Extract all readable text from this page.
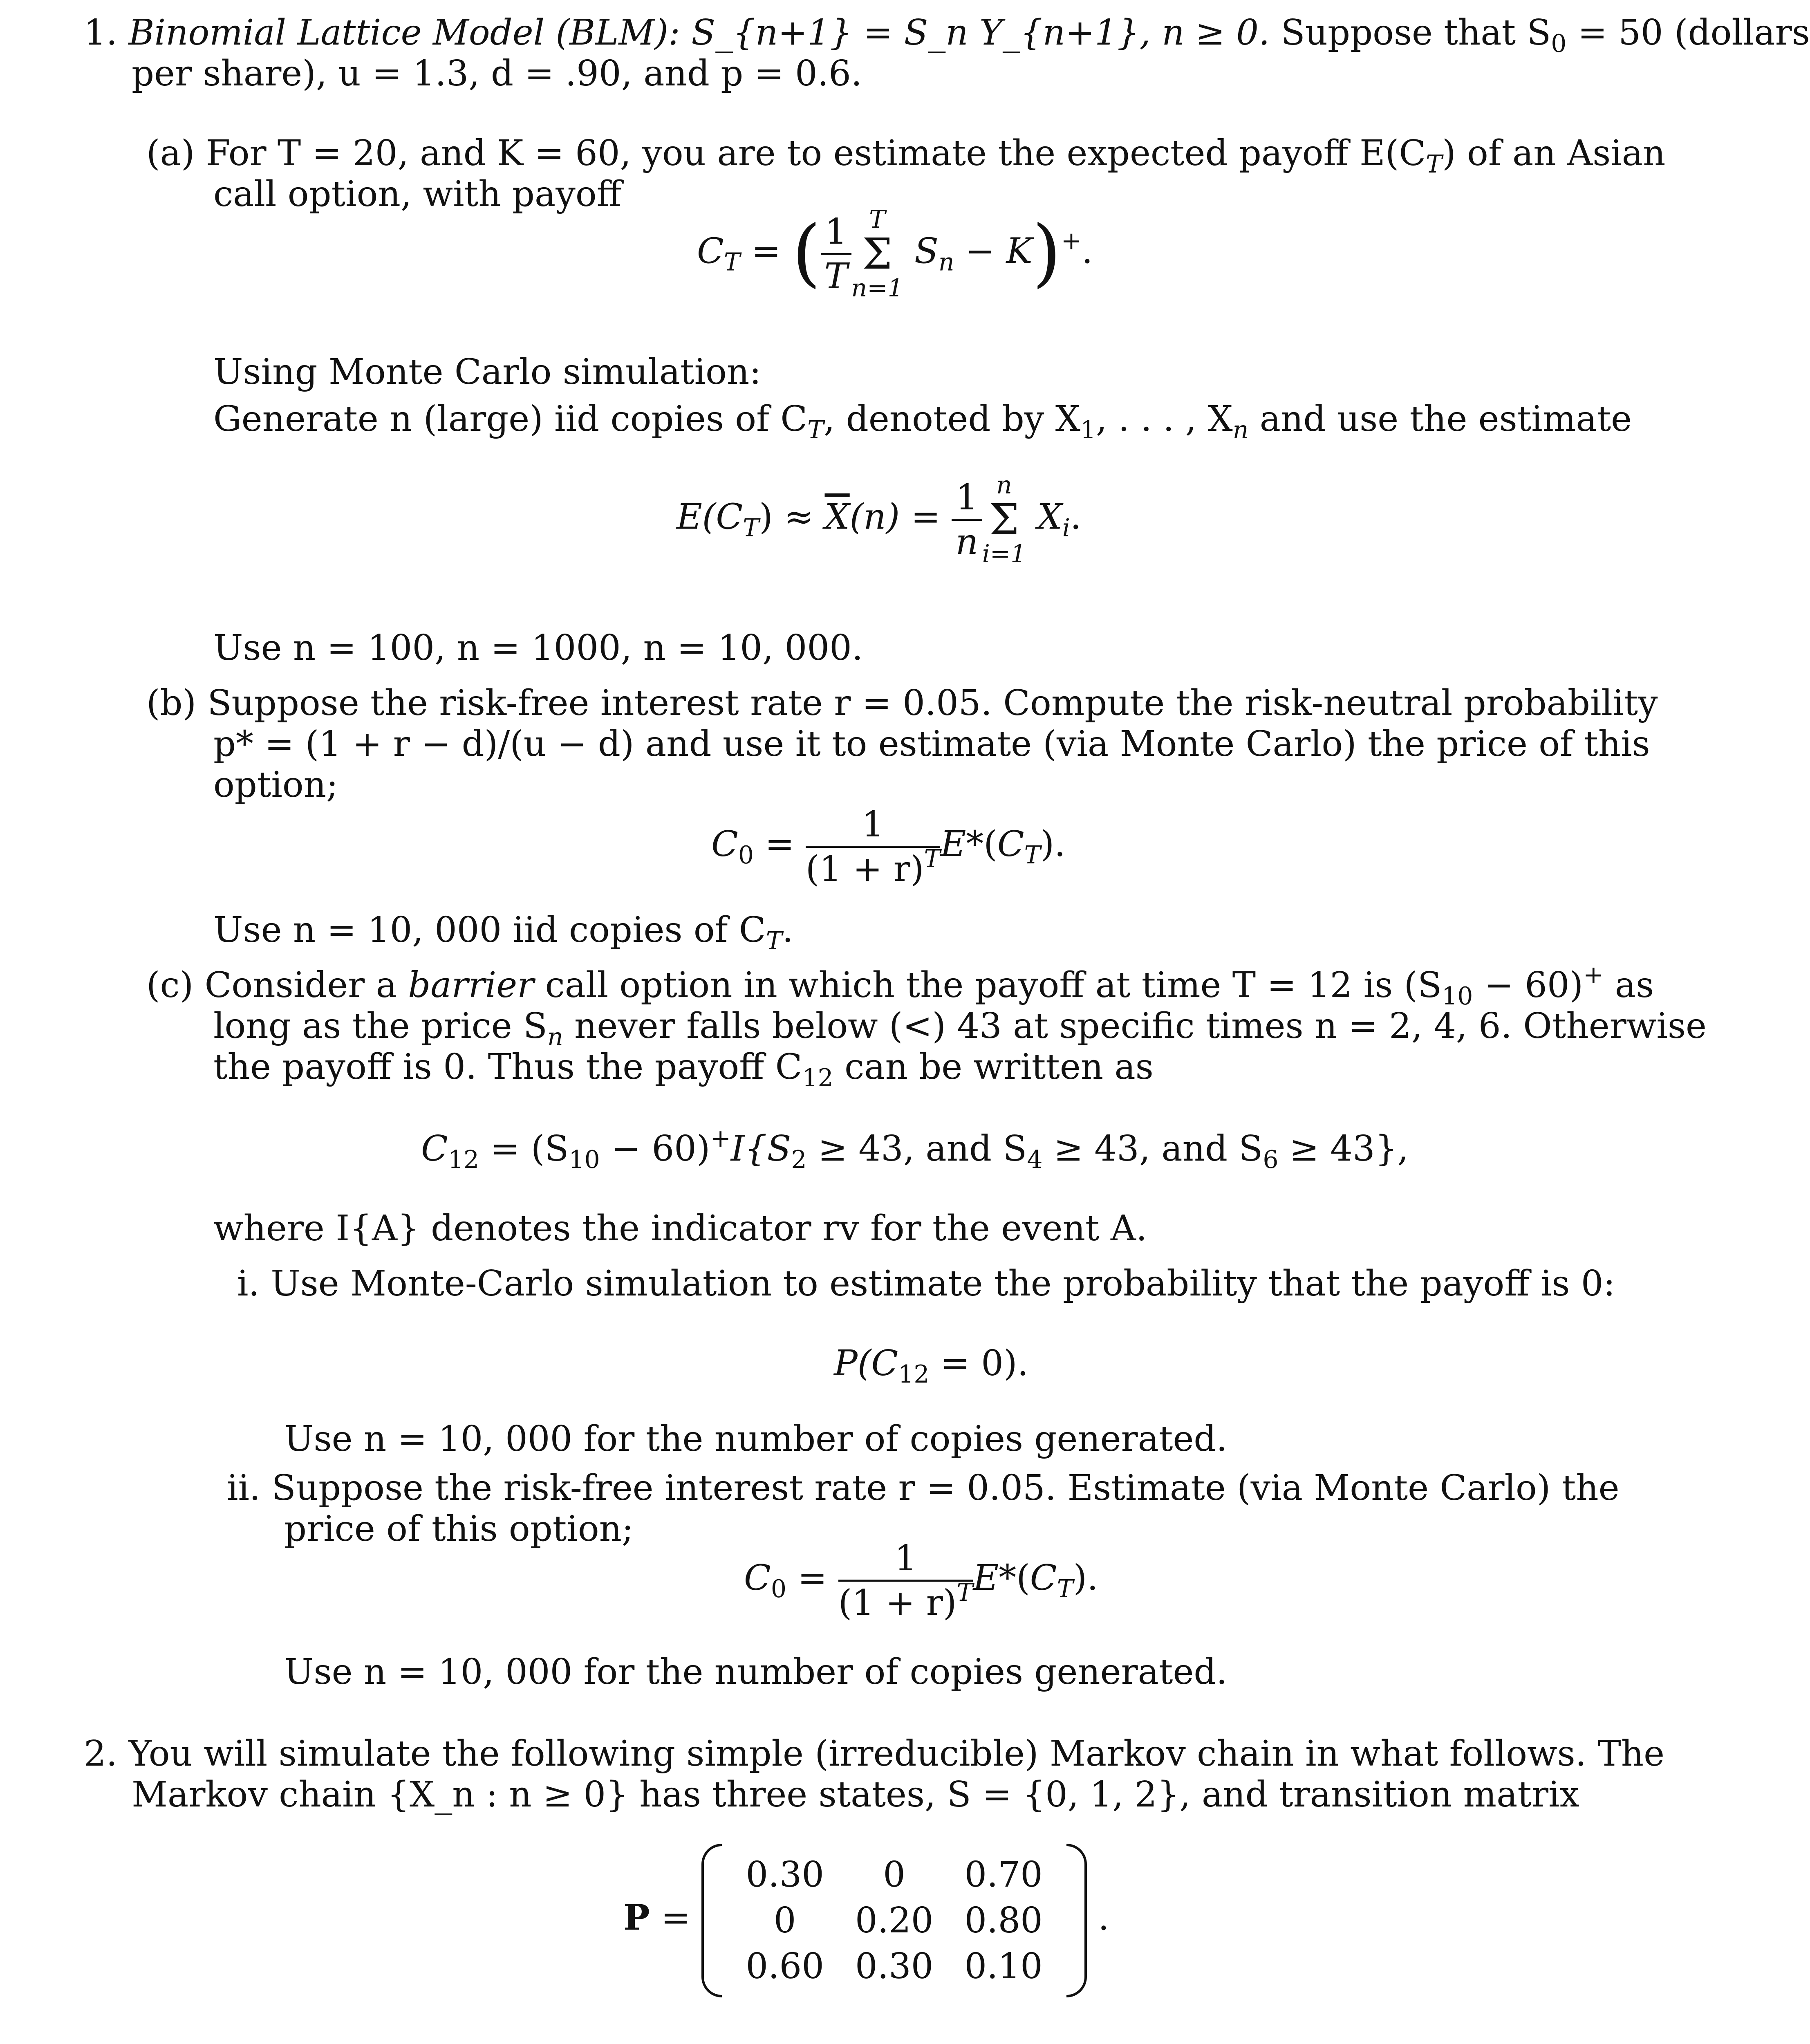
1. Binomial Lattice Model (BLM): S_{n+1} = S_n Y_{n+1}, n ≥ 0. Suppose that $S_0 = 50$ (dollars
per share), u = 1.3, d = .90, and p = 0.6.
(a) For T = 20, and K = 60, you are to estimate the expected payoff $E(C_T)$ of an Asian
call option, with payoff
$C_T$ = ( $\frac{1}{T}$ T
Σ
n=1
$S_n - K)^+$.
Using Monte Carlo simulation:
Generate n (large) iid copies of $C_T$, denoted by $X_1$, . . . , $X_n$ and use the estimate
$E(C_T) \approx \overline{X}(n) = \frac{1}{n}$ n
Σ
i=1
$X_i$.
Use n = 100, n = 1000, n = 10, 000.
(b) Suppose the risk-free interest rate r = 0.05. Compute the risk-neutral probability
p* = (1 + r − d)/(u − d) and use it to estimate (via Monte Carlo) the price of this
option;
$C_0 = \frac{1}{(1 + r)^T} E*(C_T)$.
Use n = 10, 000 iid copies of $C_T$.
(c) Consider a barrier call option in which the payoff at time T = 12 is $(S_{10} - 60)^+$ as
long as the price $S_n$ never falls below (<) 43 at specific times n = 2, 4, 6. Otherwise
the payoff is 0. Thus the payoff $C_{12}$ can be written as
$C_{12} = (S_{10} - 60)^+I\{S_2 \ge 43$, and $S_4 \ge 43$, and $S_6 \ge 43$},
where I{A} denotes the indicator rv for the event A.
i. Use Monte-Carlo simulation to estimate the probability that the payoff is 0:
$P(C_{12} = 0)$.
Use n = 10, 000 for the number of copies generated.
ii. Suppose the risk-free interest rate r = 0.05. Estimate (via Monte Carlo) the
price of this option;
$C_0 = \frac{1}{(1 + r)^T} E*(C_T)$.
Use n = 10, 000 for the number of copies generated.
2. You will simulate the following simple (irreducible) Markov chain in what follows. The
Markov chain {X_n : n ≥ 0} has three states, S = {0, 1, 2}, and transition matrix
P =
0.30	0	0.70
0	0.20	0.80
0.60	0.30	0.10
.
